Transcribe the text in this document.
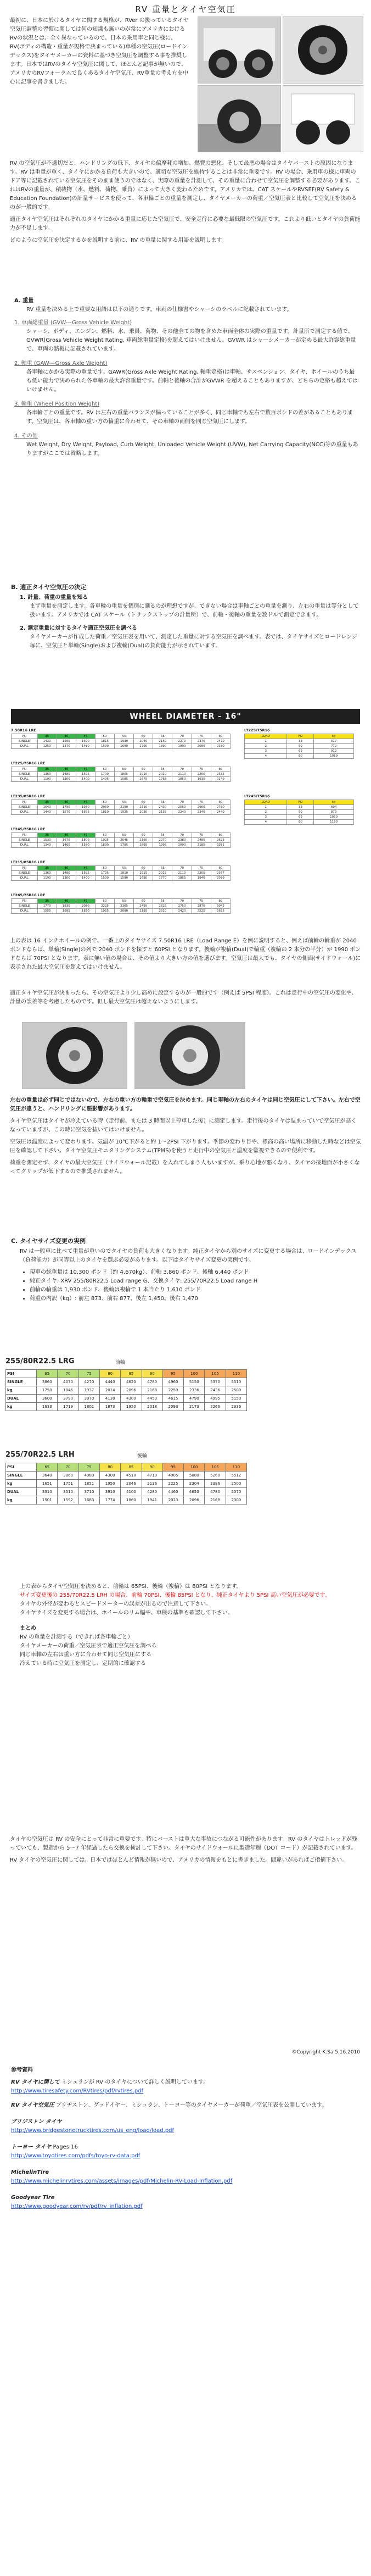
RV 重量とタイヤ空気圧
最初に、日本に於けるタイヤに関する規格が、RVer の扱っているタイヤ空気圧調整の習慣に関しては何の知識も無いのが常にアメリカにおけるRVの状況とは、全く異なっているので、日本の乗用車と同じ様に、RV(ボディの構造・重量が規格で決まっている)車種の空気圧(ロードインデックス)をタイヤメーカーの資料に基づき空気圧を調整する事を推奨します。日本ではRVのタイヤ空気圧に関して、ほとんど記事が無いので、アメリカのRVフォーラムで良くあるタイヤ空気圧、RV重量の考え方を中心に記事を書きました。

RV の空気圧が不適切だと、ハンドリングの低下、タイヤの偏摩耗の増加、燃費の悪化、そして最悪の場合はタイヤバーストの原因になります。RV は重量が重く、タイヤにかかる負荷も大きいので、適切な空気圧を維持することは非常に重要です。RV の場合、乗用車の様に車両のドア等に記載されている空気圧をそのまま使うのではなく、実際の重量を計測して、その重量に合わせて空気圧を調整する必要があります。これはRVの重量が、積載物（水、燃料、荷物、乗員）によって大きく変わるためです。アメリカでは、CAT スケールやRVSEF(RV Safety & Education Foundation)の計量サービスを使って、各車輪ごとの重量を測定し、タイヤメーカーの荷重／空気圧表と比較して空気圧を決めるのが一般的です。

適正タイヤ空気圧はそれぞれのタイヤにかかる重量に応じた空気圧で、安全走行に必要な最低限の空気圧です。これより低いとタイヤの負荷能力が不足します。

どのように空気圧を決定するかを説明する前に、RV の重量に関する用語を説明します。

A. 重量
RV 重量を決める上で重要な用語は以下の通りです。車両の仕様書やシャーシのラベルに記載されています。
1. 車両総重量 (GVW---Gross Vehicle Weight)

シャーシ、ボディ、エンジン、燃料、水、乗員、荷物、その他全ての物を含めた車両全体の実際の重量です。計量所で測定する値で、GVWR(Gross Vehicle Weight Rating, 車両総重量定格)を超えてはいけません。GVWR はシャーシメーカーが定める最大許容総重量で、車両の銘板に記載されています。

2. 軸重 (GAW---Gross Axle Weight)

各車軸にかかる実際の重量です。GAWR(Gross Axle Weight Rating, 軸重定格)は車軸、サスペンション、タイヤ、ホイールのうち最も低い能力で決められた各車軸の最大許容重量です。前軸と後軸の合計がGVWR を超えることもありますが、どちらの定格も超えてはいけません。

3. 輪重 (Wheel Position Weight)

各車輪ごとの重量です。RV は左右の重量バランスが偏っていることが多く、同じ車軸でも左右で数百ポンドの差があることもあります。空気圧は、各車軸の重い方の輪重に合わせて、その車軸の両側を同じ空気圧にします。

4. その他

Wet Weight, Dry Weight, Payload, Curb Weight, Unloaded Vehicle Weight (UVW), Net Carrying Capacity(NCC)等の重量もありますがここでは省略します。

B. 適正タイヤ空気圧の決定
1. 計量、荷重の重量を知る

まず重量を測定します。各車輪の重量を個別に測るのが理想ですが、できない場合は車軸ごとの重量を測り、左右の重量は等分として扱います。アメリカでは CAT スケール（トラックストップの計量所）で、前軸・後軸の重量を数ドルで測定できます。

2. 測定重量に対するタイヤ適正空気圧を調べる

タイヤメーカーが作成した荷重／空気圧表を用いて、測定した重量に対する空気圧を調べます。表では、タイヤサイズとロードレンジ毎に、空気圧と単輪(Single)および複輪(Dual)の負荷能力が示されています。

WHEEL DIAMETER - 16"
7.50R16 LRE
PSI	35	40	45	50	55	60	65	70	75	80
SINGLE	1430	1565	1690	1815	1930	2040	2150	2270	2370	2470
DUAL	1250	1370	1480	1590	1690	1790	1890	1990	2080	2180
LT225/75R16 LRE
PSI	35	40	45	50	55	60	65	70	75	80
SINGLE	1360	1480	1595	1700	1805	1910	2010	2110	2200	2335
DUAL	1190	1300	1400	1495	1585	1675	1765	1850	1935	2149
LT235/85R16 LRE
PSI	35	40	45	50	55	60	65	70	75	80
SINGLE	1640	1790	1930	2060	2190	2310	2430	2550	2660	2780
DUAL	1440	1570	1695	1810	1925	2030	2135	2240	2340	2440
LT245/75R16 LRE
PSI	35	40	45	50	55	60	65	70	75	80
SINGLE	1530	1670	1800	1925	2045	2160	2270	2380	2485	2623
DUAL	1340	1465	1580	1690	1795	1895	1995	2090	2185	2381
LT215/85R16 LRE
PSI	35	40	45	50	55	60	65	70	75	80
SINGLE	1360	1480	1595	1705	1810	1915	2015	2110	2205	2337
DUAL	1190	1300	1400	1500	1590	1680	1770	1855	1940	2039
LT265/75R16 LRE
PSI	35	40	45	50	55	60	65	70	75	80
SINGLE	1770	1930	2080	2225	2365	2495	2625	2750	2870	3042
DUAL	1555	1695	1830	1955	2080	2195	2310	2420	2525	2635
LT225/75R16
LOAD	PSI	kg
1	35	617
2	50	772
3	65	912
4	80	1059
LT245/75R16
LOAD	PSI	kg
1	35	694
2	50	873
3	65	1030
4	80	1190
上の表は 16 インチホイールの例で、一番上のタイヤサイズ 7.50R16 LRE（Load Range E）を例に説明すると、例えば前輪の輪重が 2040 ポンドならば、単輪(Single)の列で 2040 ポンドを探すと 60PSI となります。後輪が複輪(Dual)で輪重（複輪の 2 本分の半分）が 1990 ポンドならば 70PSI となります。表に無い値の場合は、その値より大きい方の値を選びます。空気圧は最大でも、タイヤの側面(サイドウォール)に表示された最大空気圧を超えてはいけません。

適正タイヤ空気圧が決まったら、その空気圧より少し高めに設定するのが一般的です（例えば 5PSI 程度）。これは走行中の空気圧の変化や、計量の誤差等を考慮したものです。但し最大空気圧は超えないようにします。

左右の重量は必ず同じではないので、左右の重い方の輪重で空気圧を決めます。同じ車軸の左右のタイヤは同じ空気圧にして下さい。左右で空気圧が違うと、ハンドリングに悪影響があります。

タイヤ空気圧はタイヤが冷えている時（走行前、または 3 時間以上停車した後）に測定します。走行後のタイヤは温まっていて空気圧が高くなっていますが、この時に空気を抜いてはいけません。

空気圧は温度によって変わります。気温が 10℃下がると約 1〜2PSI 下がります。季節の変わり目や、標高の高い場所に移動した時などは空気圧を確認して下さい。タイヤ空気圧モニタリングシステム(TPMS)を使うと走行中の空気圧と温度を監視できるので便利です。

荷重を測定せず、タイヤの最大空気圧（サイドウォール記載）を入れてしまう人もいますが、乗り心地が悪くなり、タイヤの接地面が小さくなってグリップが低下するので推奨されません。

C. タイヤサイズ変更の実例

RV は一般車に比べて重量が重いのでタイヤの負荷も大きくなります。純正タイヤから別のサイズに変更する場合は、ロードインデックス（負荷能力）が同等以上のタイヤを選ぶ必要があります。以下はタイヤサイズ変更の実例です。

• 現車の総重量は 10,300 ポンド（約 4,670kg）、前軸 3,860 ポンド、後軸 6,440 ポンド
• 純正タイヤ: XRV 255/80R22.5 Load range G、交換タイヤ: 255/70R22.5 Load range H
• 前輪の輪重は 1,930 ポンド、後輪は複輪で 1 本当たり 1,610 ポンド
• 荷重の内訳（kg）: 前左 873、前右 877、後左 1,450、後右 1,470
255/80R22.5 LRG	前輪
PSI	65	70	75	80	85	90	95	100	105	110
SINGLE	3860	4070	4270	4440	4620	4780	4960	5150	5370	5510
kg	1750	1846	1937	2014	2096	2168	2250	2336	2436	2500
DUAL	3600	3790	3970	4130	4300	4450	4615	4790	4995	5150
kg	1633	1719	1801	1873	1950	2018	2093	2173	2266	2336
255/70R22.5 LRH	後輪
PSI	65	70	75	80	85	90	95	100	105	110
SINGLE	3640	3860	4080	4300	4510	4710	4905	5080	5260	5512
kg	1651	1751	1851	1950	2046	2136	2225	2304	2386	2500
DUAL	3310	3510	3710	3910	4100	4280	4460	4620	4780	5070
kg	1501	1592	1683	1774	1860	1941	2023	2096	2168	2300

上の表からタイヤ空気圧を決めると、前輪は 65PSI、後輪（複輪）は 80PSI となります。

サイズ変更後の 255/70R22.5 LRH の場合、前輪 70PSI、後輪 85PSI となり、純正タイヤより 5PSI 高い空気圧が必要です。

タイヤの外径が変わるとスピードメーターの誤差が出るので注意して下さい。

タイヤサイズを変更する場合は、ホイールのリム幅や、車検の基準も確認して下さい。

まとめ

RV の重量を計測する（できれば各車輪ごと）

タイヤメーカーの荷重／空気圧表で適正空気圧を調べる

同じ車軸の左右は重い方に合わせて同じ空気圧にする

冷えている時に空気圧を測定し、定期的に確認する

タイヤの空気圧は RV の安全にとって非常に重要です。特にバーストは重大な事故につながる可能性があります。RV のタイヤはトレッドが残っていても、製造から 5〜7 年経過したら交換を検討して下さい。タイヤのサイドウォールに製造年週（DOT コード）が記載されています。

RV タイヤの空気圧に関しては、日本ではほとんど情報が無いので、アメリカの情報をもとに書きました。間違いがあればご指摘下さい。

©Copyright K.Sa 5.16.2010
参考資料
RV タイヤに関して ミシュランが RV のタイヤについて詳しく説明しています。
http://www.tiresafety.com/RVtires/pdf/rvtires.pdf
RV タイヤ空気圧 ブリヂストン、グッドイヤー、ミシュラン、トーヨー等のタイヤメーカーが荷重／空気圧表を公開しています。
ブリジストン タイヤ
http://www.bridgestonetrucktires.com/us_eng/load/load.pdf
トーヨー タイヤ Pages 16
http://www.toyotires.com/pdfs/toyo-rv-data.pdf
MichelinTire
http://www.michelinrvtires.com/assets/images/pdf/Michelin-RV-Load-Inflation.pdf
Goodyear Tire
http://www.goodyear.com/rv/pdf/rv_inflation.pdf
